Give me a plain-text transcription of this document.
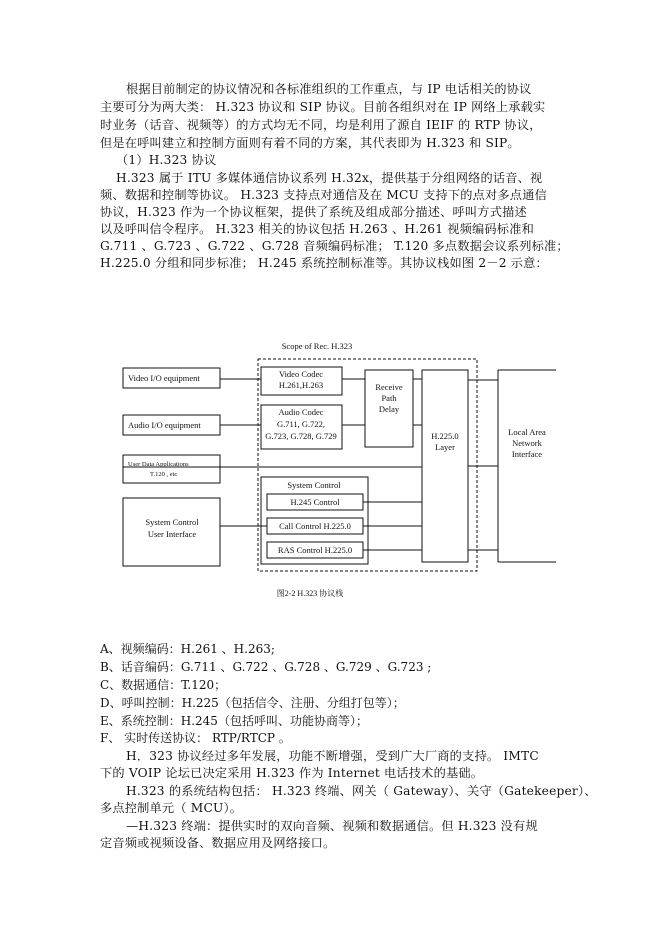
根据目前制定的协议情况和各标准组织的工作重点，与 IP 电话相关的协议
主要可分为两大类： H.323 协议和 SIP 协议。目前各组织对在 IP 网络上承载实
时业务（话音、视频等）的方式均无不同，均是利用了源自 IEIF 的 RTP 协议，
但是在呼叫建立和控制方面则有着不同的方案，其代表即为 H.323 和 SIP。
（1）H.323 协议
H.323 属于 ITU 多媒体通信协议系列 H.32x，提供基于分组网络的话音、视
频、数据和控制等协议。 H.323 支持点对通信及在 MCU 支持下的点对多点通信
协议，H.323 作为一个协议框架，提供了系统及组成部分描述、呼叫方式描述
以及呼叫信令程序。 H.323 相关的协议包括 H.263 、H.261 视频编码标准和
G.711 、G.723 、G.722 、G.728 音频编码标准； T.120 多点数据会议系列标准；
H.225.0 分组和同步标准； H.245 系统控制标准等。其协议栈如图 2－2 示意：
Scope of Rec. H.323
Video I/O equipment
Audio I/O equipment
User Data Applications
T.120 , etc
System Control
User Interface
Video Codec
H.261,H.263
Audio Codec
G.711, G.722,
G.723, G.728, G.729
Receive
Path
Delay
H.225.0
Layer
Local Area
Network
Interface
System Control
H.245 Control
Call Control H.225.0
RAS Control H.225.0
图2-2 H.323 协议栈
A、视频编码：H.261 、H.263;
B、话音编码：G.711 、G.722 、G.728 、G.729 、G.723 ;
C、数据通信：T.120；
D、呼叫控制：H.225（包括信令、注册、分组打包等）；
E、系统控制：H.245（包括呼叫、功能协商等）；
F、 实时传送协议： RTP/RTCP 。
H．323 协议经过多年发展，功能不断增强，受到广大厂商的支持。 IMTC
下的 VOIP 论坛已决定采用 H.323 作为 Internet 电话技术的基础。
H.323 的系统结构包括： H.323 终端、网关（ Gateway）、关守（Gatekeeper）、
多点控制单元（ MCU）。
—H.323 终端：提供实时的双向音频、视频和数据通信。但 H.323 没有规
定音频或视频设备、数据应用及网络接口。
